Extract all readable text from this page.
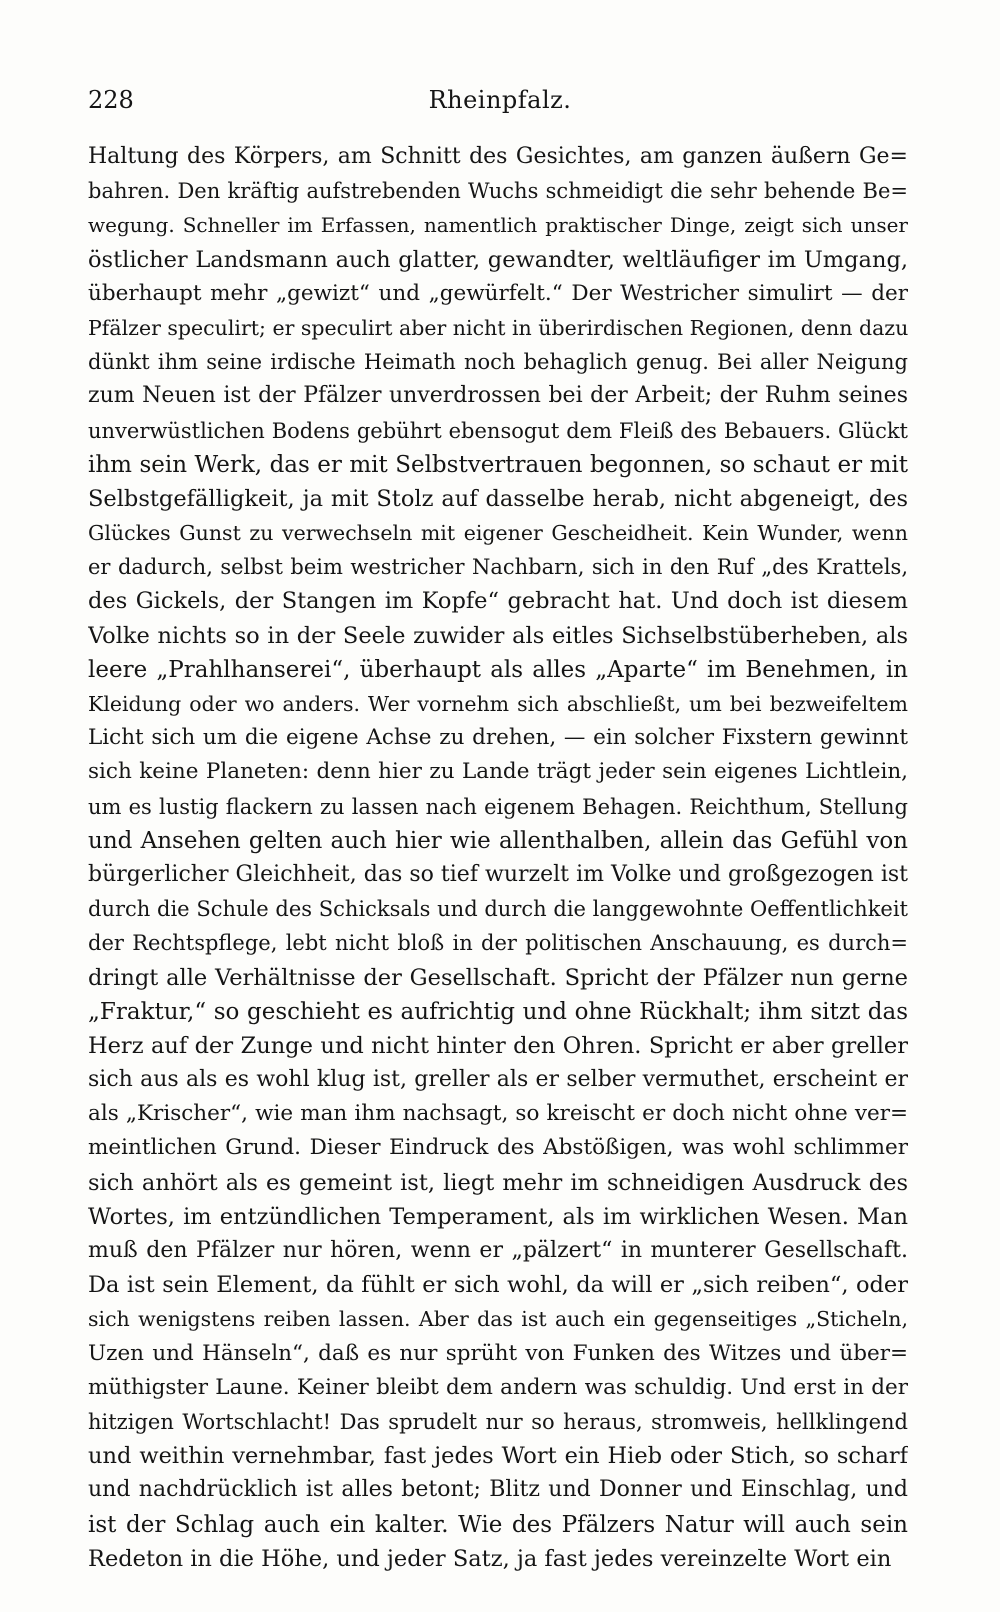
228	Rheinpfalz.
Haltung des Körpers, am Schnitt des Gesichtes, am ganzen äußern Ge=
bahren. Den kräftig aufstrebenden Wuchs schmeidigt die sehr behende Be=
wegung. Schneller im Erfassen, namentlich praktischer Dinge, zeigt sich unser
östlicher Landsmann auch glatter, gewandter, weltläufiger im Umgang,
überhaupt mehr „gewizt“ und „gewürfelt.“ Der Westricher simulirt — der
Pfälzer speculirt; er speculirt aber nicht in überirdischen Regionen, denn dazu
dünkt ihm seine irdische Heimath noch behaglich genug. Bei aller Neigung
zum Neuen ist der Pfälzer unverdrossen bei der Arbeit; der Ruhm seines
unverwüstlichen Bodens gebührt ebensogut dem Fleiß des Bebauers. Glückt
ihm sein Werk, das er mit Selbstvertrauen begonnen, so schaut er mit
Selbstgefälligkeit, ja mit Stolz auf dasselbe herab, nicht abgeneigt, des
Glückes Gunst zu verwechseln mit eigener Gescheidheit. Kein Wunder, wenn
er dadurch, selbst beim westricher Nachbarn, sich in den Ruf „des Krattels,
des Gickels, der Stangen im Kopfe“ gebracht hat. Und doch ist diesem
Volke nichts so in der Seele zuwider als eitles Sichselbstüberheben, als
leere „Prahlhanserei“, überhaupt als alles „Aparte“ im Benehmen, in
Kleidung oder wo anders. Wer vornehm sich abschließt, um bei bezweifeltem
Licht sich um die eigene Achse zu drehen, — ein solcher Fixstern gewinnt
sich keine Planeten: denn hier zu Lande trägt jeder sein eigenes Lichtlein,
um es lustig flackern zu lassen nach eigenem Behagen. Reichthum, Stellung
und Ansehen gelten auch hier wie allenthalben, allein das Gefühl von
bürgerlicher Gleichheit, das so tief wurzelt im Volke und großgezogen ist
durch die Schule des Schicksals und durch die langgewohnte Oeffentlichkeit
der Rechtspflege, lebt nicht bloß in der politischen Anschauung, es durch=
dringt alle Verhältnisse der Gesellschaft. Spricht der Pfälzer nun gerne
„Fraktur,“ so geschieht es aufrichtig und ohne Rückhalt; ihm sitzt das
Herz auf der Zunge und nicht hinter den Ohren. Spricht er aber greller
sich aus als es wohl klug ist, greller als er selber vermuthet, erscheint er
als „Krischer“, wie man ihm nachsagt, so kreischt er doch nicht ohne ver=
meintlichen Grund. Dieser Eindruck des Abstößigen, was wohl schlimmer
sich anhört als es gemeint ist, liegt mehr im schneidigen Ausdruck des
Wortes, im entzündlichen Temperament, als im wirklichen Wesen. Man
muß den Pfälzer nur hören, wenn er „pälzert“ in munterer Gesellschaft.
Da ist sein Element, da fühlt er sich wohl, da will er „sich reiben“, oder
sich wenigstens reiben lassen. Aber das ist auch ein gegenseitiges „Sticheln,
Uzen und Hänseln“, daß es nur sprüht von Funken des Witzes und über=
müthigster Laune. Keiner bleibt dem andern was schuldig. Und erst in der
hitzigen Wortschlacht! Das sprudelt nur so heraus, stromweis, hellklingend
und weithin vernehmbar, fast jedes Wort ein Hieb oder Stich, so scharf
und nachdrücklich ist alles betont; Blitz und Donner und Einschlag, und
ist der Schlag auch ein kalter. Wie des Pfälzers Natur will auch sein
Redeton in die Höhe, und jeder Satz, ja fast jedes vereinzelte Wort ein
